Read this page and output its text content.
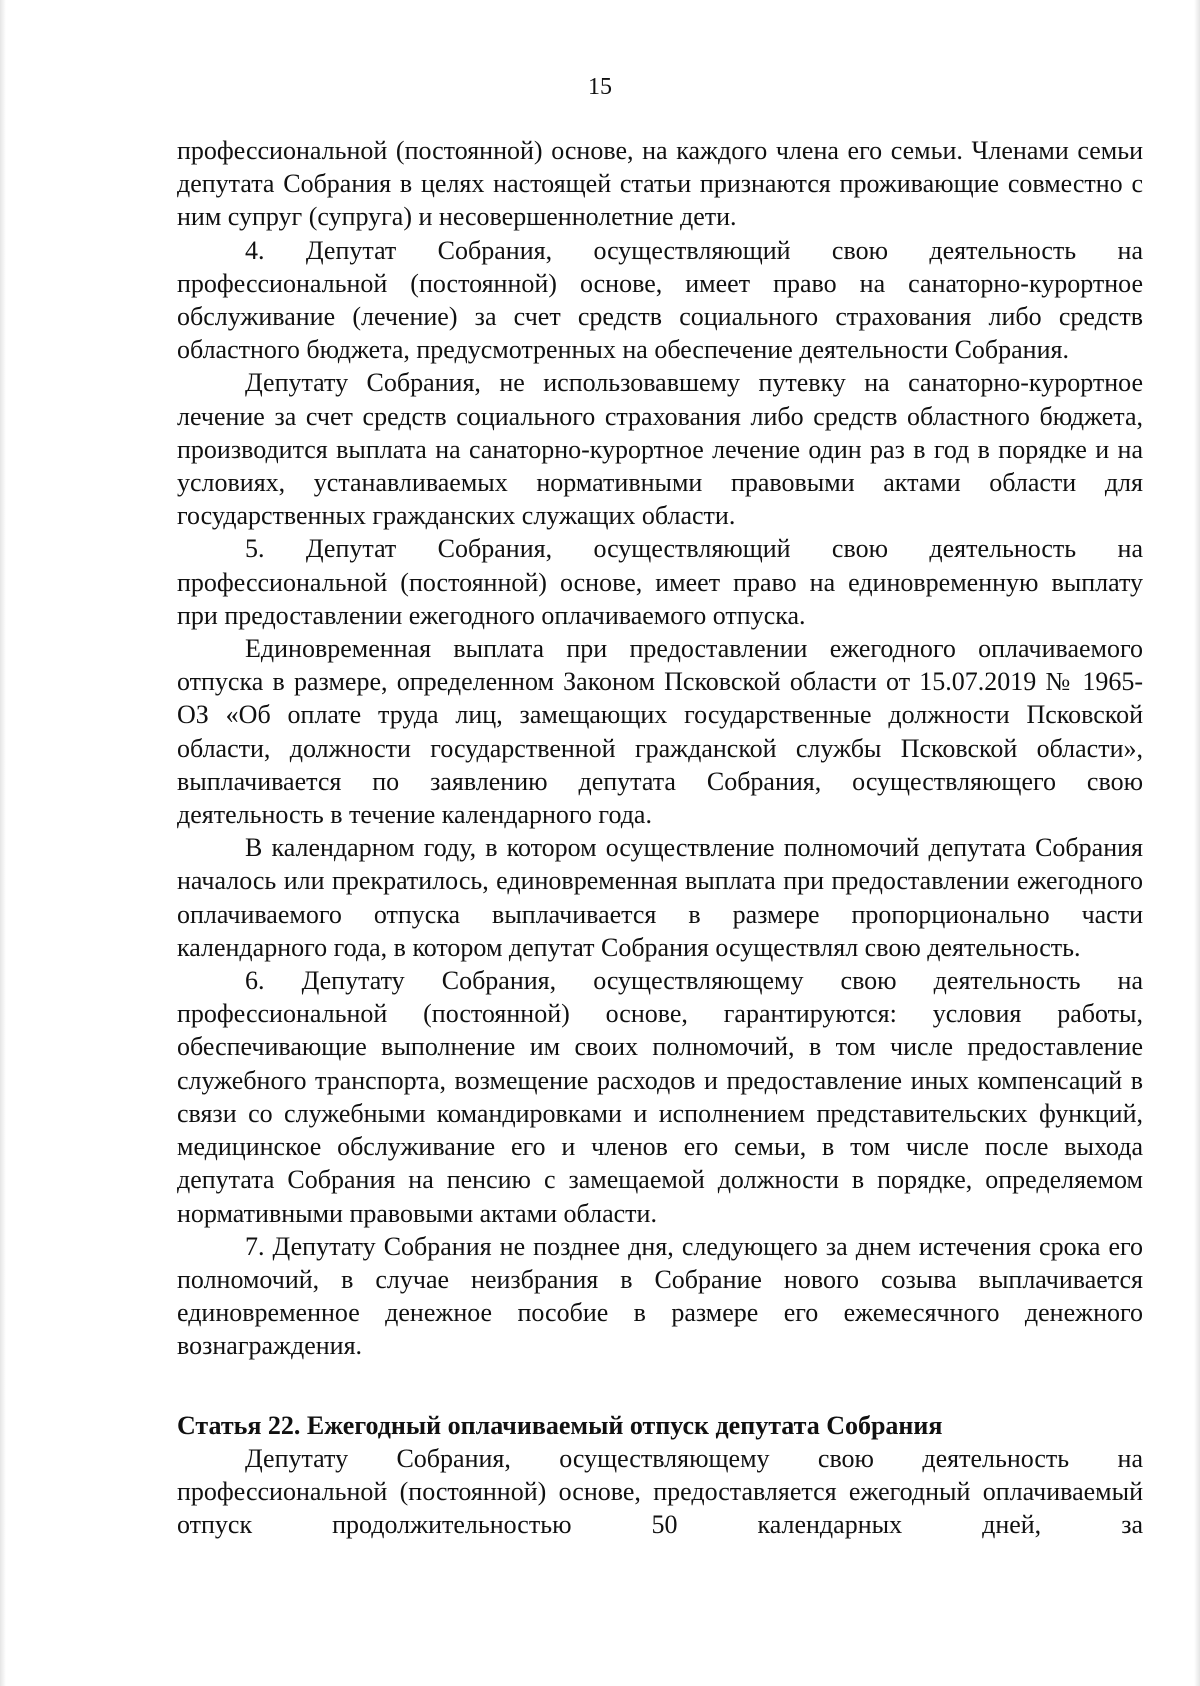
15

профессиональной (постоянной) основе, на каждого члена его семьи. Членами семьи депутата Собрания в целях настоящей статьи признаются проживающие совместно с ним супруг (супруга) и несовершеннолетние дети.

4. Депутат Собрания, осуществляющий свою деятельность на профессиональной (постоянной) основе, имеет право на санаторно-курортное обслуживание (лечение) за счет средств социального страхования либо средств областного бюджета, предусмотренных на обеспечение деятельности Собрания.

Депутату Собрания, не использовавшему путевку на санаторно-курортное лечение за счет средств социального страхования либо средств областного бюджета, производится выплата на санаторно-курортное лечение один раз в год в порядке и на условиях, устанавливаемых нормативными правовыми актами области для государственных гражданских служащих области.

5. Депутат Собрания, осуществляющий свою деятельность на профессиональной (постоянной) основе, имеет право на единовременную выплату при предоставлении ежегодного оплачиваемого отпуска.

Единовременная выплата при предоставлении ежегодного оплачиваемого отпуска в размере, определенном Законом Псковской области от 15.07.2019 № 1965-ОЗ «Об оплате труда лиц, замещающих государственные должности Псковской области, должности государственной гражданской службы Псковской области», выплачивается по заявлению депутата Собрания, осуществляющего свою деятельность в течение календарного года.

В календарном году, в котором осуществление полномочий депутата Собрания началось или прекратилось, единовременная выплата при предоставлении ежегодного оплачиваемого отпуска выплачивается в размере пропорционально части календарного года, в котором депутат Собрания осуществлял свою деятельность.

6. Депутату Собрания, осуществляющему свою деятельность на профессиональной (постоянной) основе, гарантируются: условия работы, обеспечивающие выполнение им своих полномочий, в том числе предоставление служебного транспорта, возмещение расходов и предоставление иных компенсаций в связи со служебными командировками и исполнением представительских функций, медицинское обслуживание его и членов его семьи, в том числе после выхода депутата Собрания на пенсию с замещаемой должности в порядке, определяемом нормативными правовыми актами области.

7. Депутату Собрания не позднее дня, следующего за днем истечения срока его полномочий, в случае неизбрания в Собрание нового созыва выплачивается единовременное денежное пособие в размере его ежемесячного денежного вознаграждения.

Статья 22. Ежегодный оплачиваемый отпуск депутата Собрания

Депутату Собрания, осуществляющему свою деятельность на профессиональной (постоянной) основе, предоставляется ежегодный оплачиваемый отпуск продолжительностью 50 календарных дней, за
